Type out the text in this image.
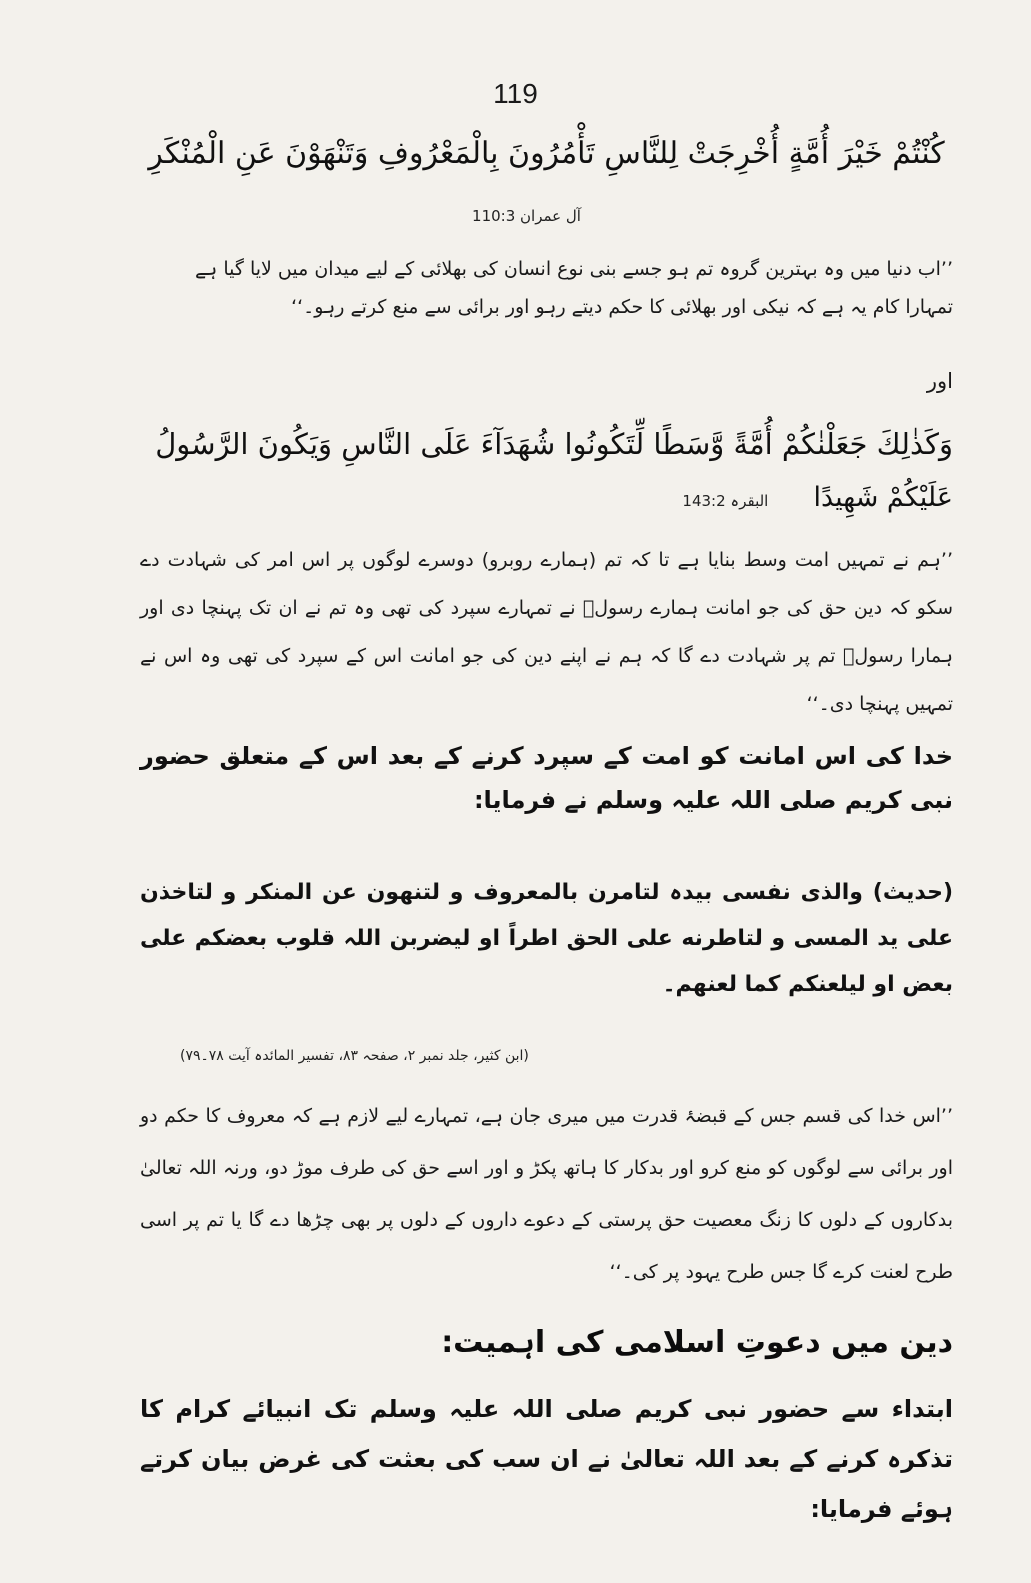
119
كُنْتُمْ خَيْرَ أُمَّةٍ أُخْرِجَتْ لِلنَّاسِ تَأْمُرُونَ بِالْمَعْرُوفِ وَتَنْهَوْنَ عَنِ الْمُنْكَرِ
آل عمران 110:3
’’اب دنیا میں وہ بہترین گروہ تم ہو جسے بنی نوع انسان کی بھلائی کے لیے میدان میں لایا گیا ہے
تمہارا کام یہ ہے کہ نیکی اور بھلائی کا حکم دیتے رہو اور برائی سے منع کرتے رہو۔‘‘
اور
وَكَذٰلِكَ جَعَلْنٰكُمْ أُمَّةً وَّسَطًا لِّتَكُونُوا شُهَدَآءَ عَلَى النَّاسِ وَيَكُونَ الرَّسُولُ
عَلَيْكُمْ شَهِيدًا البقرہ 143:2
’’ہم نے تمہیں امت وسط بنایا ہے تا کہ تم (ہمارے روبرو) دوسرے لوگوں پر اس امر کی شہادت دے سکو کہ دین حق کی جو امانت ہمارے رسولؐ نے تمہارے سپرد کی تھی وہ تم نے ان تک پہنچا دی اور ہمارا رسولؐ تم پر شہادت دے گا کہ ہم نے اپنے دین کی جو امانت اس کے سپرد کی تھی وہ اس نے تمہیں پہنچا دی۔‘‘
خدا کی اس امانت کو امت کے سپرد کرنے کے بعد اس کے متعلق حضور نبی کریم صلی اللہ علیہ وسلم نے فرمایا:
(حدیث) والذی نفسی بیدہ لتامرن بالمعروف و لتنهون عن المنکر و لتاخذن علی ید المسی و لتاطرنه علی الحق اطراً او لیضربن اللہ قلوب بعضکم علی بعض او لیلعنکم کما لعنھم۔
(ابن کثیر، جلد نمبر ۲، صفحہ ۸۳، تفسیر المائدہ آیت ۷۸۔۷۹)
’’اس خدا کی قسم جس کے قبضۂ قدرت میں میری جان ہے، تمہارے لیے لازم ہے کہ معروف کا حکم دو اور برائی سے لوگوں کو منع کرو اور بدکار کا ہاتھ پکڑ و اور اسے حق کی طرف موڑ دو، ورنہ اللہ تعالیٰ بدکاروں کے دلوں کا زنگ معصیت حق پرستی کے دعوے داروں کے دلوں پر بھی چڑھا دے گا یا تم پر اسی طرح لعنت کرے گا جس طرح یہود پر کی۔‘‘
دین میں دعوتِ اسلامی کی اہمیت:
ابتداء سے حضور نبی کریم صلی اللہ علیہ وسلم تک انبیائے کرام کا تذکرہ کرنے کے بعد اللہ تعالیٰ نے ان سب کی بعثت کی غرض بیان کرتے ہوئے فرمایا:
